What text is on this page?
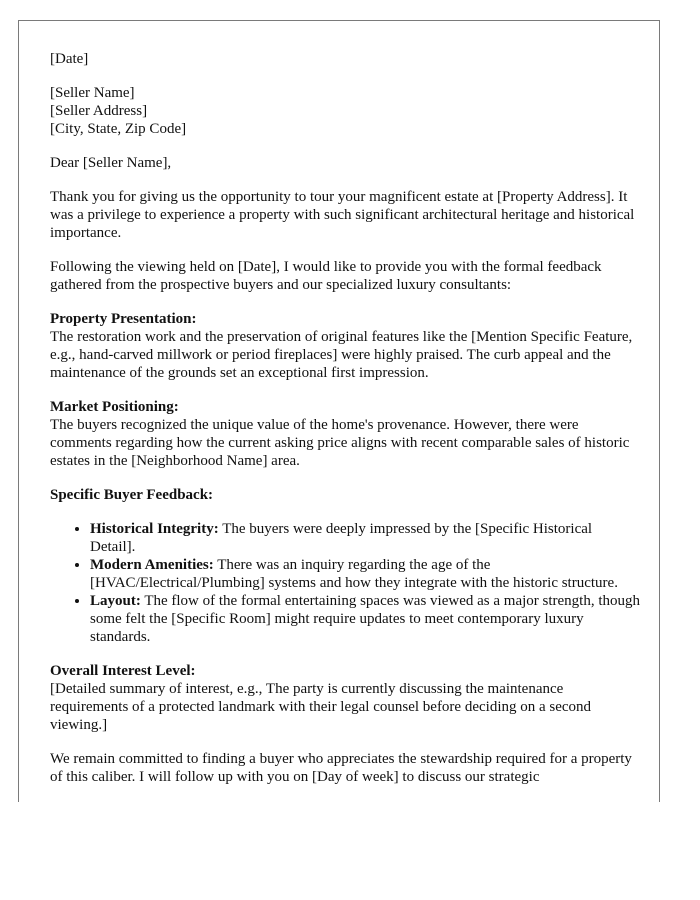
[Date]

[Seller Name]
[Seller Address]
[City, State, Zip Code]

Dear [Seller Name],

Thank you for giving us the opportunity to tour your magnificent estate at [Property Address]. It was a privilege to experience a property with such significant architectural heritage and historical importance.

Following the viewing held on [Date], I would like to provide you with the formal feedback gathered from the prospective buyers and our specialized luxury consultants:

Property Presentation:
The restoration work and the preservation of original features like the [Mention Specific Feature, e.g., hand-carved millwork or period fireplaces] were highly praised. The curb appeal and the maintenance of the grounds set an exceptional first impression.

Market Positioning:
The buyers recognized the unique value of the home's provenance. However, there were comments regarding how the current asking price aligns with recent comparable sales of historic estates in the [Neighborhood Name] area.

Specific Buyer Feedback:

• Historical Integrity: The buyers were deeply impressed by the [Specific Historical Detail].
• Modern Amenities: There was an inquiry regarding the age of the [HVAC/Electrical/Plumbing] systems and how they integrate with the historic structure.
• Layout: The flow of the formal entertaining spaces was viewed as a major strength, though some felt the [Specific Room] might require updates to meet contemporary luxury standards.

Overall Interest Level:
[Detailed summary of interest, e.g., The party is currently discussing the maintenance requirements of a protected landmark with their legal counsel before deciding on a second viewing.]

We remain committed to finding a buyer who appreciates the stewardship required for a property of this caliber. I will follow up with you on [Day of week] to discuss our strategic
